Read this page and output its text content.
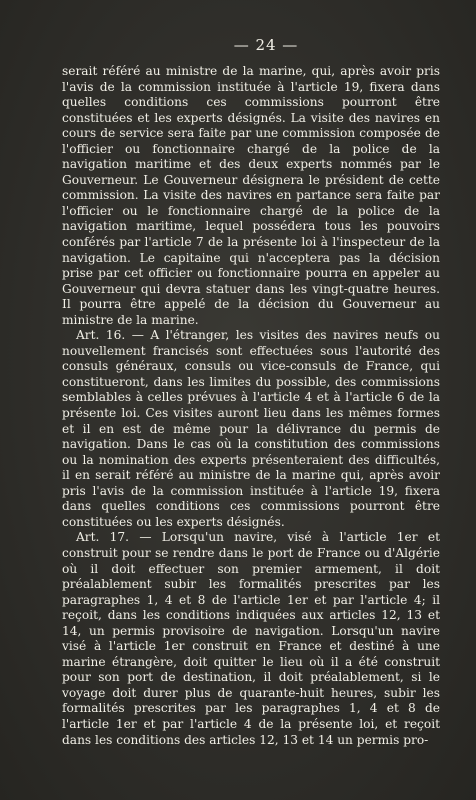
— 24 —

serait référé au ministre de la marine, qui, après avoir pris l'avis de la commission instituée à l'article 19, fixera dans quelles conditions ces commissions pourront être constituées et les experts désignés. La visite des navires en cours de service sera faite par une commission composée de l'officier ou fonctionnaire chargé de la police de la navigation maritime et des deux experts nommés par le Gouverneur. Le Gouverneur désignera le président de cette commission. La visite des navires en partance sera faite par l'officier ou le fonctionnaire chargé de la police de la navigation maritime, lequel possédera tous les pouvoirs conférés par l'article 7 de la présente loi à l'inspecteur de la navigation. Le capitaine qui n'acceptera pas la décision prise par cet officier ou fonctionnaire pourra en appeler au Gouverneur qui devra statuer dans les vingt-quatre heures. Il pourra être appelé de la décision du Gouverneur au ministre de la marine.

Art. 16. — A l'étranger, les visites des navires neufs ou nouvellement francisés sont effectuées sous l'autorité des consuls généraux, consuls ou vice-consuls de France, qui constitueront, dans les limites du possible, des commissions semblables à celles prévues à l'article 4 et à l'article 6 de la présente loi. Ces visites auront lieu dans les mêmes formes et il en est de même pour la délivrance du permis de navigation. Dans le cas où la constitution des commissions ou la nomination des experts présenteraient des difficultés, il en serait référé au ministre de la marine qui, après avoir pris l'avis de la commission instituée à l'article 19, fixera dans quelles conditions ces commissions pourront être constituées ou les experts désignés.

Art. 17. — Lorsqu'un navire, visé à l'article 1er et construit pour se rendre dans le port de France ou d'Algérie où il doit effectuer son premier armement, il doit préalablement subir les formalités prescrites par les paragraphes 1, 4 et 8 de l'article 1er et par l'article 4; il reçoit, dans les conditions indiquées aux articles 12, 13 et 14, un permis provisoire de navigation. Lorsqu'un navire visé à l'article 1er construit en France et destiné à une marine étrangère, doit quitter le lieu où il a été construit pour son port de destination, il doit préalablement, si le voyage doit durer plus de quarante-huit heures, subir les formalités prescrites par les paragraphes 1, 4 et 8 de l'article 1er et par l'article 4 de la présente loi, et reçoit dans les conditions des articles 12, 13 et 14 un permis pro-
